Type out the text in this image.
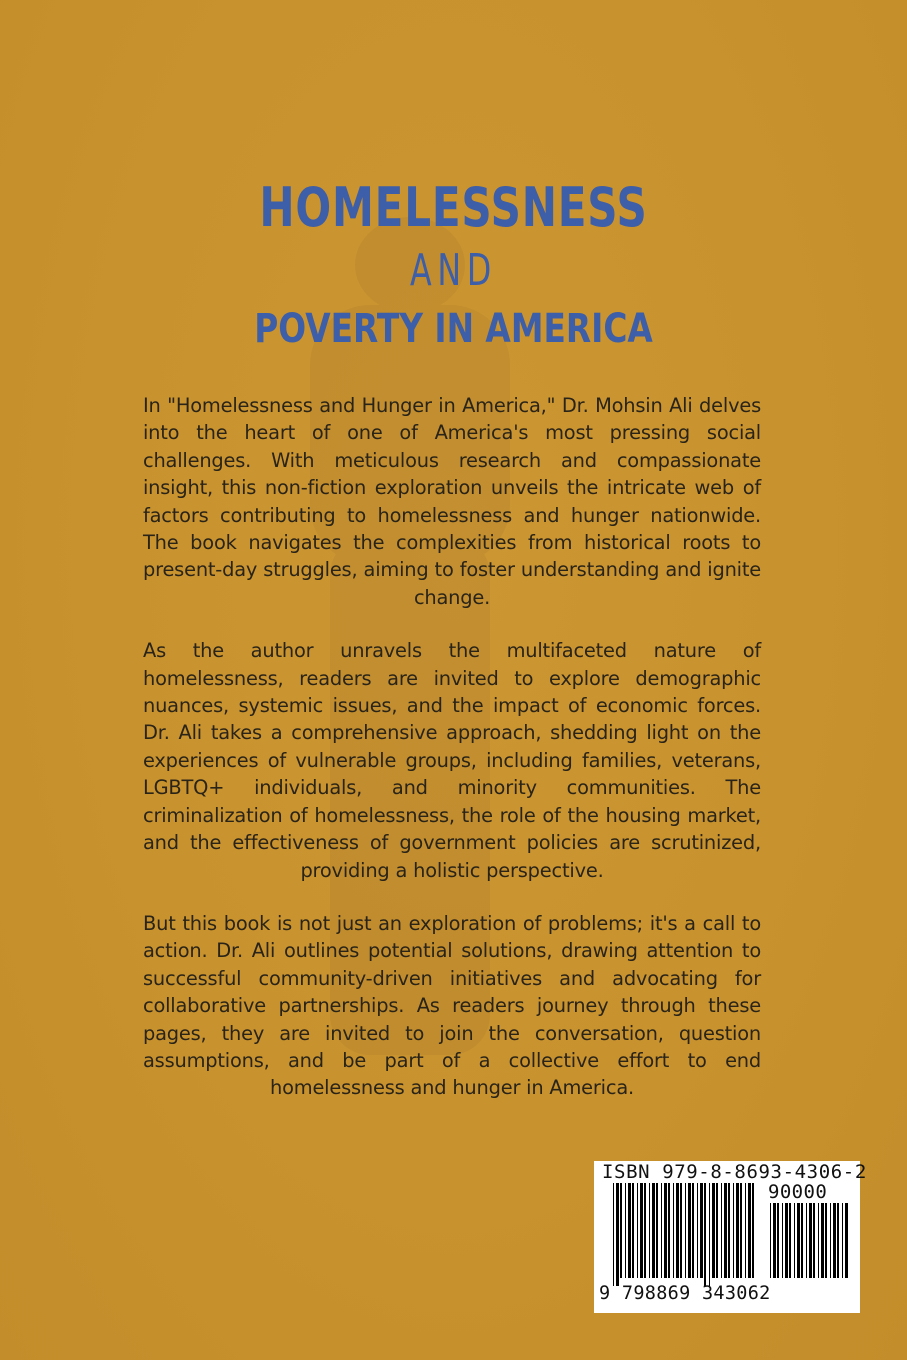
HOMELESSNESS
AND
POVERTY IN AMERICA

In "Homelessness and Hunger in America," Dr. Mohsin Ali delves into the heart of one of America's most pressing social challenges. With meticulous research and compassionate insight, this non-fiction exploration unveils the intricate web of factors contributing to homelessness and hunger nationwide. The book navigates the complexities from historical roots to present-day struggles, aiming to foster understanding and ignite change.

As the author unravels the multifaceted nature of homelessness, readers are invited to explore demographic nuances, systemic issues, and the impact of economic forces. Dr. Ali takes a comprehensive approach, shedding light on the experiences of vulnerable groups, including families, veterans, LGBTQ+ individuals, and minority communities. The criminalization of homelessness, the role of the housing market, and the effectiveness of government policies are scrutinized, providing a holistic perspective.

But this book is not just an exploration of problems; it's a call to action. Dr. Ali outlines potential solutions, drawing attention to successful community-driven initiatives and advocating for collaborative partnerships. As readers journey through these pages, they are invited to join the conversation, question assumptions, and be part of a collective effort to end homelessness and hunger in America.

ISBN 979-8-8693-4306-2
90000
9 798869 343062
